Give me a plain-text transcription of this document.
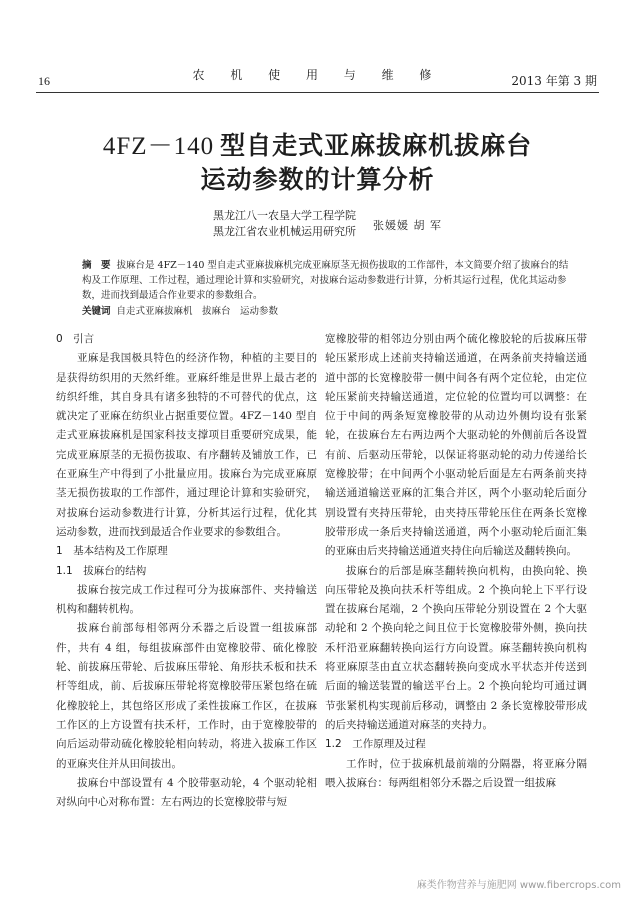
16	农 机 使 用 与 维 修	2013 年第 3 期
4FZ－140 型自走式亚麻拔麻机拔麻台
运动参数的计算分析
黑龙江八一农垦大学工程学院
黑龙江省农业机械运用研究所 张媛媛 胡 军
摘　要 拔麻台是 4FZ－140 型自走式亚麻拔麻机完成亚麻原茎无损伤拔取的工作部件，本文简要介绍了拔麻台的结构及工作原理、工作过程，通过理论计算和实验研究，对拔麻台运动参数进行计算，分析其运行过程，优化其运动参数，进而找到最适合作业要求的参数组合。
关键词 自走式亚麻拔麻机　拔麻台　运动参数

0　引言

亚麻是我国极具特色的经济作物，种植的主要目的是获得纺织用的天然纤维。亚麻纤维是世界上最古老的纺织纤维，其自身具有诸多独特的不可替代的优点，这就决定了亚麻在纺织业占据重要位置。4FZ－140 型自走式亚麻拔麻机是国家科技支撑项目重要研究成果，能完成亚麻原茎的无损伤拔取、有序翻转及铺放工作，已在亚麻生产中得到了小批量应用。拔麻台为完成亚麻原茎无损伤拔取的工作部件，通过理论计算和实验研究，对拔麻台运动参数进行计算，分析其运行过程，优化其运动参数，进而找到最适合作业要求的参数组合。

1　基本结构及工作原理

1.1　拔麻台的结构

拔麻台按完成工作过程可分为拔麻部件、夹持输送机构和翻转机构。

拔麻台前部每相邻两分禾器之后设置一组拔麻部件，共有 4 组，每组拔麻部件由宽橡胶带、硫化橡胶轮、前拔麻压带轮、后拔麻压带轮、角形扶禾板和扶禾杆等组成，前、后拔麻压带轮将宽橡胶带压紧包络在硫化橡胶轮上，其包络区形成了柔性拔麻工作区，在拔麻工作区的上方设置有扶禾杆，工作时，由于宽橡胶带的向后运动带动硫化橡胶轮相向转动，将进入拔麻工作区的亚麻夹住并从田间拔出。

拔麻台中部设置有 4 个胶带驱动轮，4 个驱动轮相对纵向中心对称布置：左右两边的长宽橡胶带与短

宽橡胶带的相邻边分别由两个硫化橡胶轮的后拔麻压带轮压紧形成上述前夹持输送通道，在两条前夹持输送通道中部的长宽橡胶带一侧中间各有两个定位轮，由定位轮压紧前夹持输送通道，定位轮的位置均可以调整：在位于中间的两条短宽橡胶带的从动边外侧均设有张紧轮，在拔麻台左右两边两个大驱动轮的外侧前后各设置有前、后驱动压带轮，以保证将驱动轮的动力传递给长宽橡胶带；在中间两个小驱动轮后面是左右两条前夹持输送通道输送亚麻的汇集合并区，两个小驱动轮后面分别设置有夹持压带轮，由夹持压带轮压住在两条长宽橡胶带形成一条后夹持输送通道，两个小驱动轮后面汇集的亚麻由后夹持输送通道夹持住向后输送及翻转换向。

拔麻台的后部是麻茎翻转换向机构，由换向轮、换向压带轮及换向扶禾杆等组成。2 个换向轮上下平行设置在拔麻台尾端，2 个换向压带轮分别设置在 2 个大驱动轮和 2 个换向轮之间且位于长宽橡胶带外侧，换向扶禾杆沿亚麻翻转换向运行方向设置。麻茎翻转换向机构将亚麻原茎由直立状态翻转换向变成水平状态并传送到后面的输送装置的输送平台上。2 个换向轮均可通过调节张紧机构实现前后移动，调整由 2 条长宽橡胶带形成的后夹持输送通道对麻茎的夹持力。

1.2　工作原理及过程

工作时，位于拔麻机最前端的分隔器，将亚麻分隔喂入拔麻台：每两组相邻分禾器之后设置一组拔麻

麻类作物营养与施肥网 www.fibercrops.com
